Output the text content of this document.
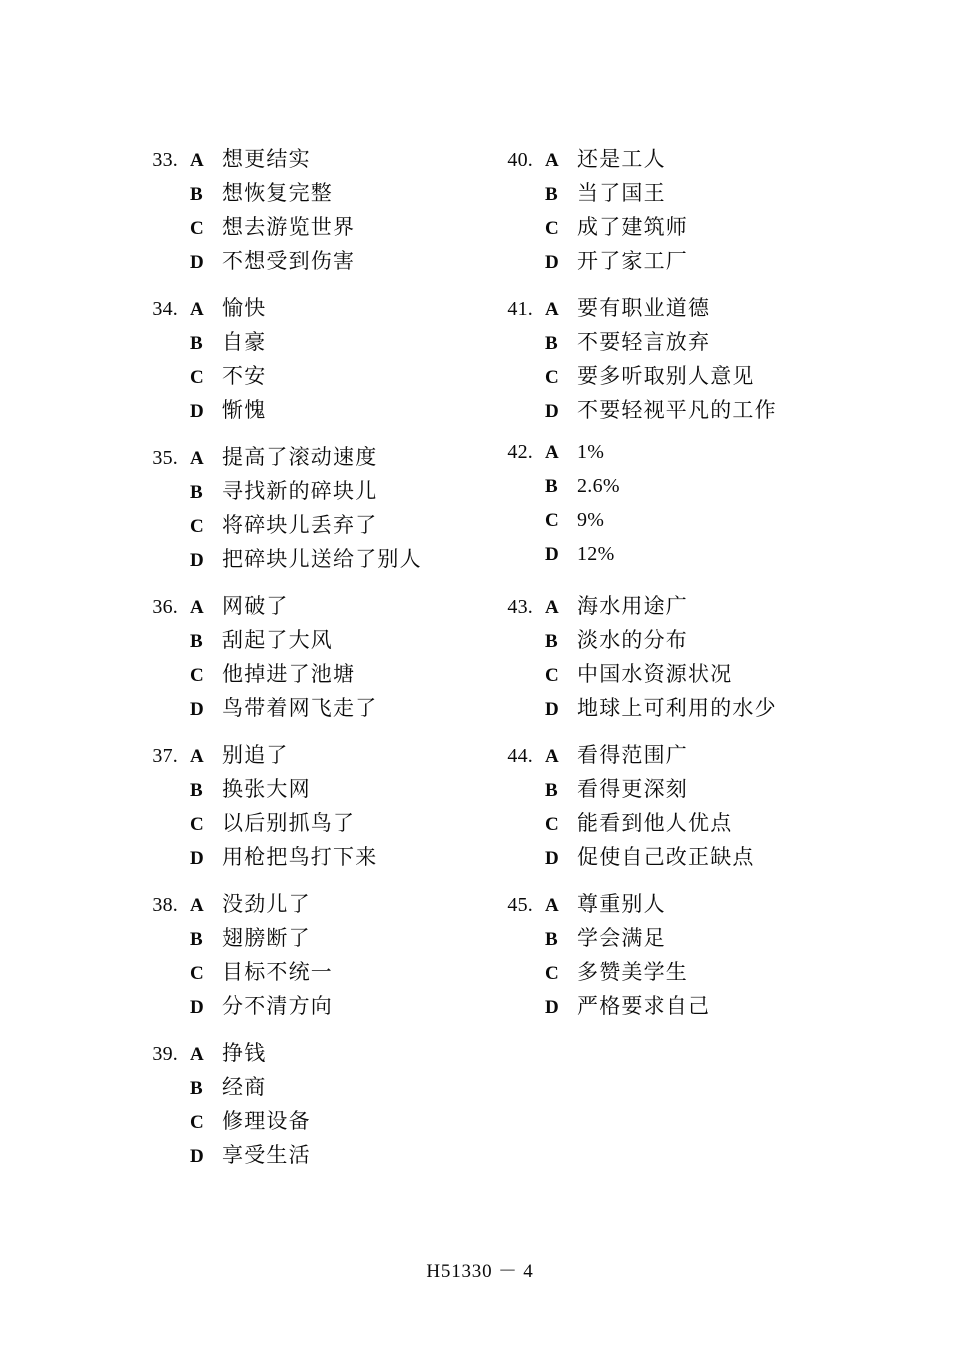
33. A 想更结实
B 想恢复完整
C 想去游览世界
D 不想受到伤害
34. A 愉快
B 自豪
C 不安
D 惭愧
35. A 提高了滚动速度
B 寻找新的碎块儿
C 将碎块儿丢弃了
D 把碎块儿送给了别人
36. A 网破了
B 刮起了大风
C 他掉进了池塘
D 鸟带着网飞走了
37. A 别追了
B 换张大网
C 以后别抓鸟了
D 用枪把鸟打下来
38. A 没劲儿了
B 翅膀断了
C 目标不统一
D 分不清方向
39. A 挣钱
B 经商
C 修理设备
D 享受生活
40. A 还是工人
B 当了国王
C 成了建筑师
D 开了家工厂
41. A 要有职业道德
B 不要轻言放弃
C 要多听取别人意见
D 不要轻视平凡的工作
42. A 1%
B 2.6%
C 9%
D 12%
43. A 海水用途广
B 淡水的分布
C 中国水资源状况
D 地球上可利用的水少
44. A 看得范围广
B 看得更深刻
C 能看到他人优点
D 促使自己改正缺点
45. A 尊重别人
B 学会满足
C 多赞美学生
D 严格要求自己
H51330 － 4
